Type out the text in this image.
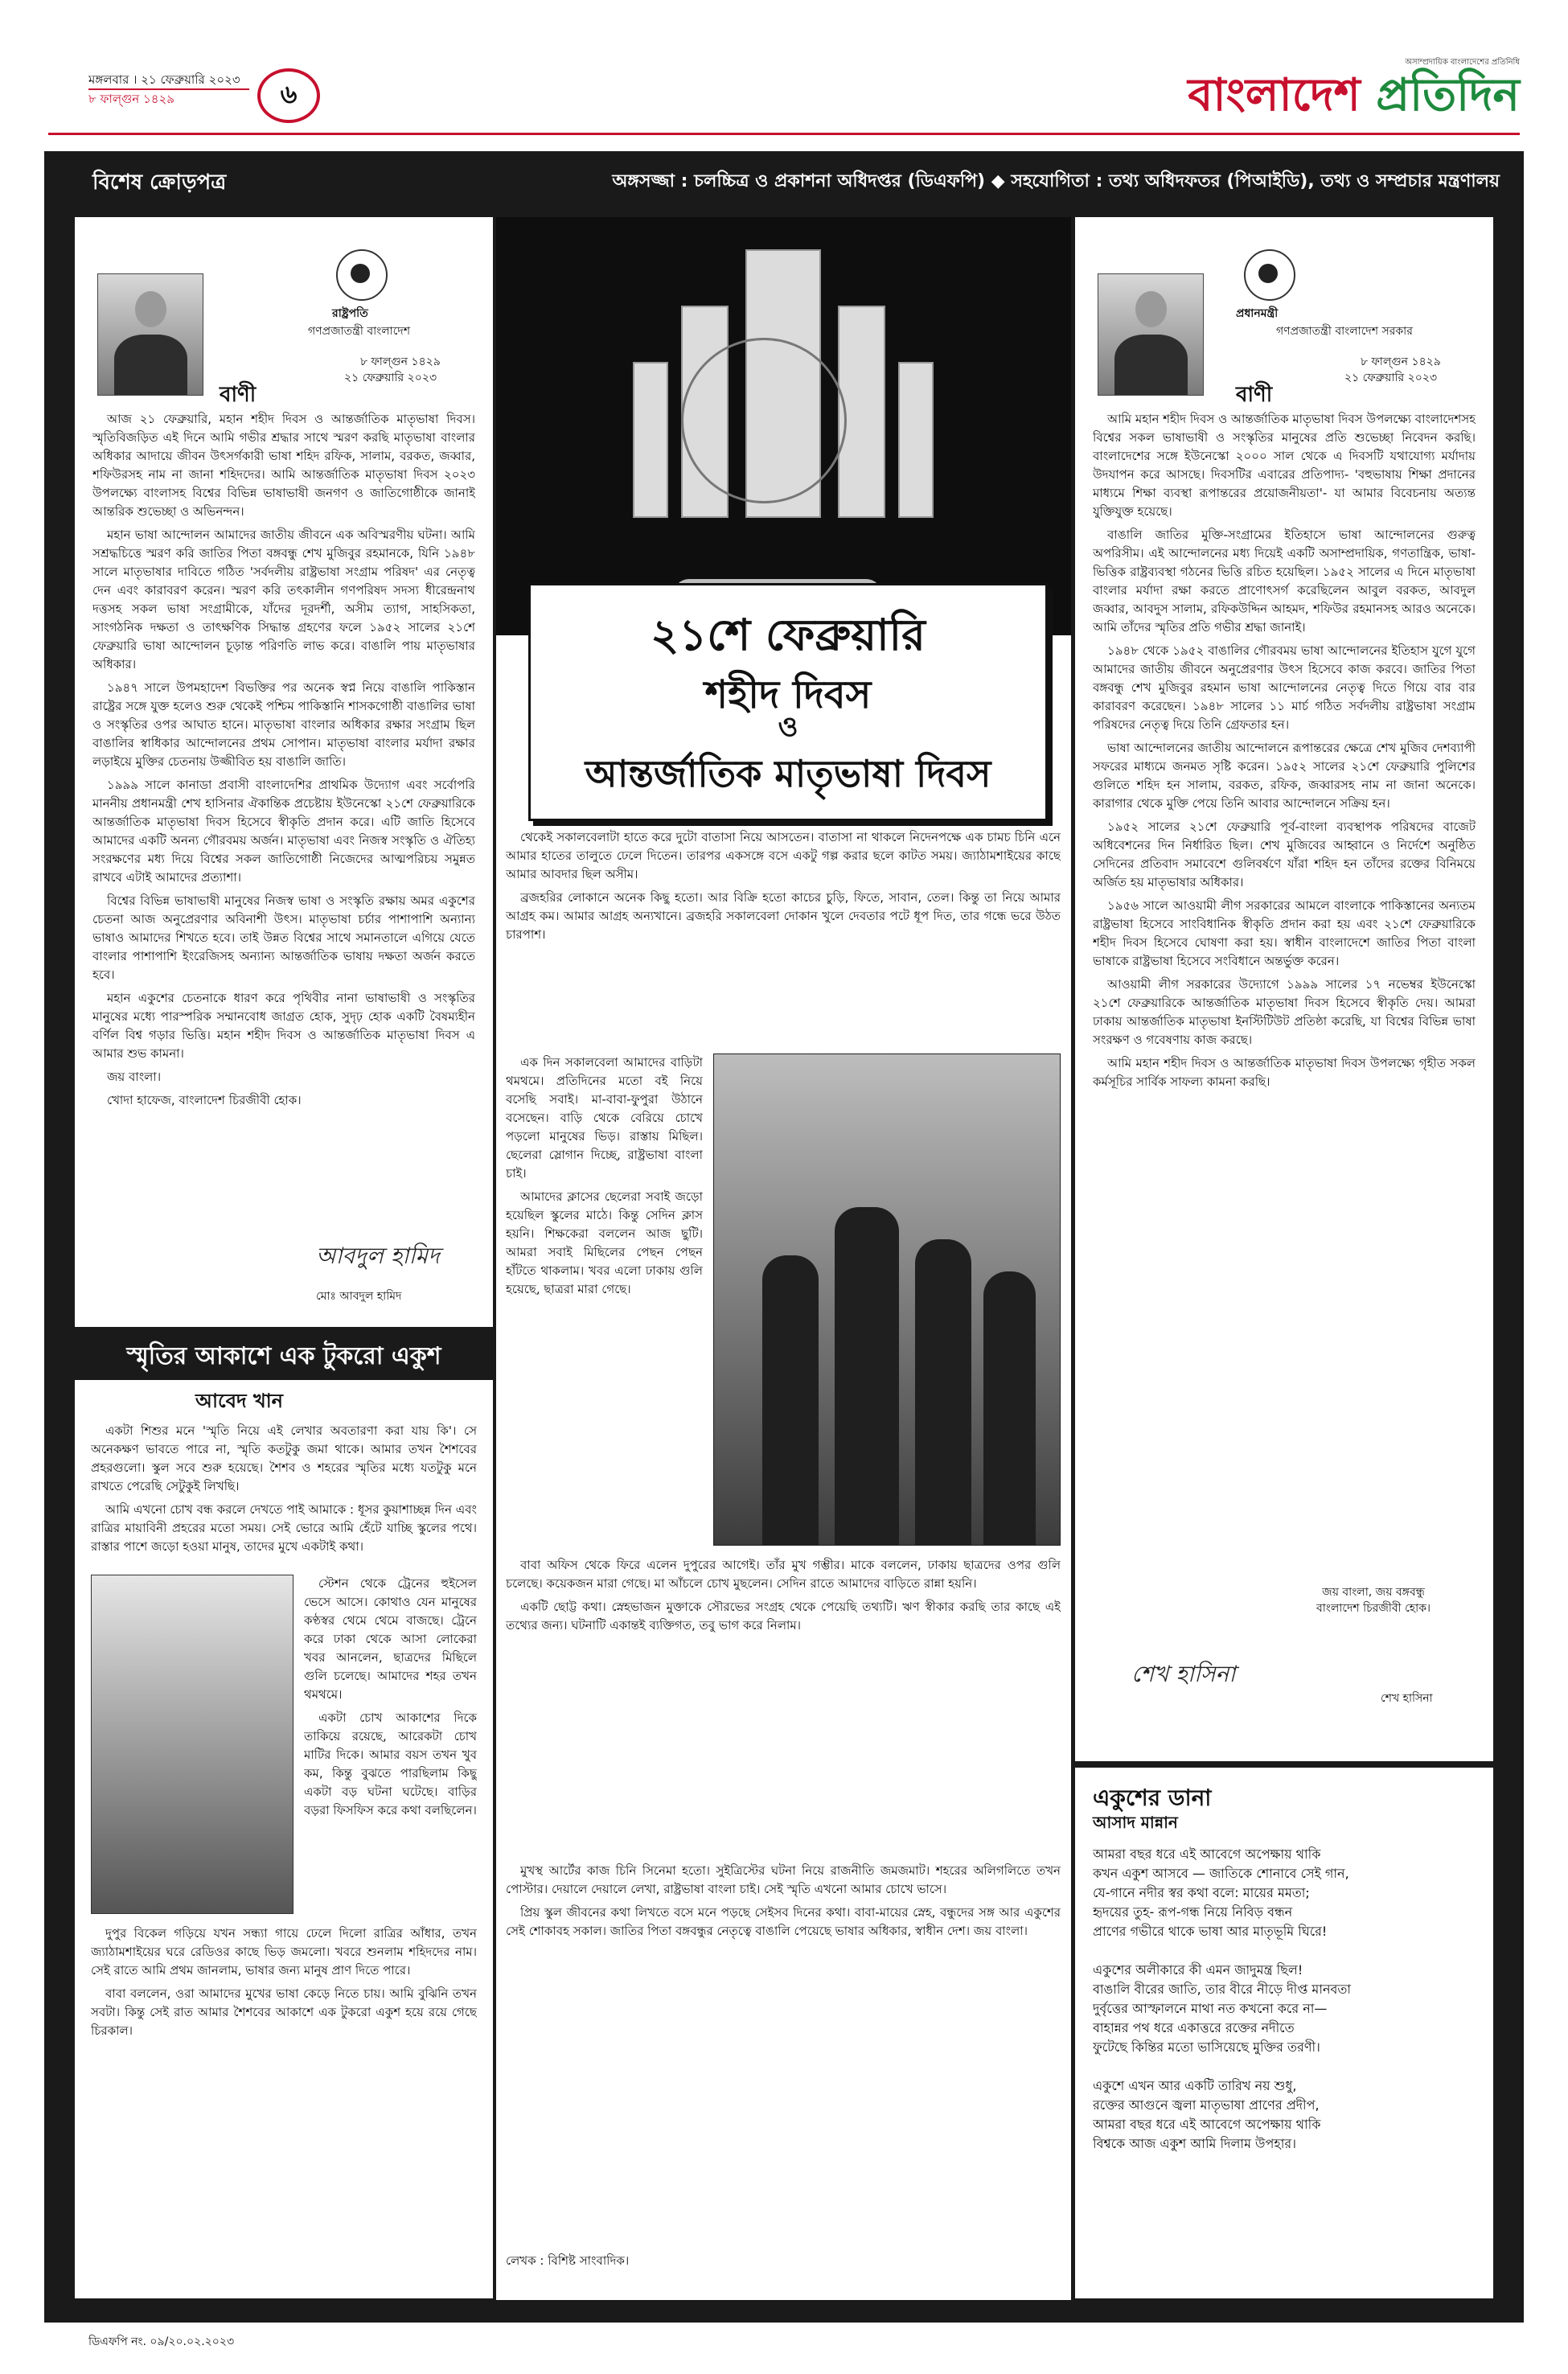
মঙ্গলবার । ২১ ফেব্রুয়ারি ২০২৩
৮ ফাল্গুন ১৪২৯	৬
অসাম্প্রদায়িক বাংলাদেশের প্রতিনিধি
বাংলাদেশ প্রতিদিন
বিশেষ ক্রোড়পত্র	অঙ্গসজ্জা : চলচ্চিত্র ও প্রকাশনা অধিদপ্তর (ডিএফপি) ◆ সহযোগিতা : তথ্য অধিদফতর (পিআইডি), তথ্য ও সম্প্রচার মন্ত্রণালয়
রাষ্ট্রপতি
গণপ্রজাতন্ত্রী বাংলাদেশ
৮ ফাল্গুন ১৪২৯
২১ ফেব্রুয়ারি ২০২৩
বাণী

আজ ২১ ফেব্রুয়ারি, মহান শহীদ দিবস ও আন্তর্জাতিক মাতৃভাষা দিবস। স্মৃতিবিজড়িত এই দিনে আমি গভীর শ্রদ্ধার সাথে স্মরণ করছি মাতৃভাষা বাংলার অধিকার আদায়ে জীবন উৎসর্গকারী ভাষা শহিদ রফিক, সালাম, বরকত, জব্বার, শফিউরসহ নাম না জানা শহিদদের। আমি আন্তর্জাতিক মাতৃভাষা দিবস ২০২৩ উপলক্ষ্যে বাংলাসহ বিশ্বের বিভিন্ন ভাষাভাষী জনগণ ও জাতিগোষ্ঠীকে জানাই আন্তরিক শুভেচ্ছা ও অভিনন্দন।

মহান ভাষা আন্দোলন আমাদের জাতীয় জীবনে এক অবিস্মরণীয় ঘটনা। আমি সশ্রদ্ধচিত্তে স্মরণ করি জাতির পিতা বঙ্গবন্ধু শেখ মুজিবুর রহমানকে, যিনি ১৯৪৮ সালে মাতৃভাষার দাবিতে গঠিত 'সর্বদলীয় রাষ্ট্রভাষা সংগ্রাম পরিষদ' এর নেতৃত্ব দেন এবং কারাবরণ করেন। স্মরণ করি তৎকালীন গণপরিষদ সদস্য ধীরেন্দ্রনাথ দত্তসহ সকল ভাষা সংগ্রামীকে, যাঁদের দূরদর্শী, অসীম ত্যাগ, সাহসিকতা, সাংগঠনিক দক্ষতা ও তাৎক্ষণিক সিদ্ধান্ত গ্রহণের ফলে ১৯৫২ সালের ২১শে ফেব্রুয়ারি ভাষা আন্দোলন চূড়ান্ত পরিণতি লাভ করে। বাঙালি পায় মাতৃভাষার অধিকার।

১৯৪৭ সালে উপমহাদেশ বিভক্তির পর অনেক স্বপ্ন নিয়ে বাঙালি পাকিস্তান রাষ্ট্রের সঙ্গে যুক্ত হলেও শুরু থেকেই পশ্চিম পাকিস্তানি শাসকগোষ্ঠী বাঙালির ভাষা ও সংস্কৃতির ওপর আঘাত হানে। মাতৃভাষা বাংলার অধিকার রক্ষার সংগ্রাম ছিল বাঙালির স্বাধিকার আন্দোলনের প্রথম সোপান। মাতৃভাষা বাংলার মর্যাদা রক্ষার লড়াইয়ে মুক্তির চেতনায় উজ্জীবিত হয় বাঙালি জাতি।

১৯৯৯ সালে কানাডা প্রবাসী বাংলাদেশির প্রাথমিক উদ্যোগ এবং সর্বোপরি মাননীয় প্রধানমন্ত্রী শেখ হাসিনার ঐকান্তিক প্রচেষ্টায় ইউনেস্কো ২১শে ফেব্রুয়ারিকে আন্তর্জাতিক মাতৃভাষা দিবস হিসেবে স্বীকৃতি প্রদান করে। এটি জাতি হিসেবে আমাদের একটি অনন্য গৌরবময় অর্জন। মাতৃভাষা এবং নিজস্ব সংস্কৃতি ও ঐতিহ্য সংরক্ষণের মধ্য দিয়ে বিশ্বের সকল জাতিগোষ্ঠী নিজেদের আত্মপরিচয় সমুন্নত রাখবে এটাই আমাদের প্রত্যাশা।

বিশ্বের বিভিন্ন ভাষাভাষী মানুষের নিজস্ব ভাষা ও সংস্কৃতি রক্ষায় অমর একুশের চেতনা আজ অনুপ্রেরণার অবিনাশী উৎস। মাতৃভাষা চর্চার পাশাপাশি অন্যান্য ভাষাও আমাদের শিখতে হবে। তাই উন্নত বিশ্বের সাথে সমানতালে এগিয়ে যেতে বাংলার পাশাপাশি ইংরেজিসহ অন্যান্য আন্তর্জাতিক ভাষায় দক্ষতা অর্জন করতে হবে।

মহান একুশের চেতনাকে ধারণ করে পৃথিবীর নানা ভাষাভাষী ও সংস্কৃতির মানুষের মধ্যে পারস্পরিক সম্মানবোধ জাগ্রত হোক, সুদৃঢ় হোক একটি বৈষম্যহীন বর্ণিল বিশ্ব গড়ার ভিত্তি। মহান শহীদ দিবস ও আন্তর্জাতিক মাতৃভাষা দিবস এ আমার শুভ কামনা।

জয় বাংলা।

খোদা হাফেজ, বাংলাদেশ চিরজীবী হোক।

আবদুল হামিদ
মোঃ আবদুল হামিদ
স্মৃতির আকাশে এক টুকরো একুশ
আবেদ খান

একটা শিশুর মনে 'স্মৃতি নিয়ে এই লেখার অবতারণা করা যায় কি'। সে অনেকক্ষণ ভাবতে পারে না, স্মৃতি কতটুকু জমা থাকে। আমার তখন শৈশবের প্রহরগুলো। স্কুল সবে শুরু হয়েছে। শৈশব ও শহরের স্মৃতির মধ্যে যতটুকু মনে রাখতে পেরেছি সেটুকুই লিখছি।

আমি এখনো চোখ বন্ধ করলে দেখতে পাই আমাকে : ধূসর কুয়াশাচ্ছন্ন দিন এবং রাত্রির মায়াবিনী প্রহরের মতো সময়। সেই ভোরে আমি হেঁটে যাচ্ছি স্কুলের পথে। রাস্তার পাশে জড়ো হওয়া মানুষ, তাদের মুখে একটাই কথা।

স্টেশন থেকে ট্রেনের হুইসেল ভেসে আসে। কোথাও যেন মানুষের কণ্ঠস্বর থেমে থেমে বাজছে। ট্রেনে করে ঢাকা থেকে আসা লোকেরা খবর আনলেন, ছাত্রদের মিছিলে গুলি চলেছে। আমাদের শহর তখন থমথমে।

একটা চোখ আকাশের দিকে তাকিয়ে রয়েছে, আরেকটা চোখ মাটির দিকে। আমার বয়স তখন খুব কম, কিন্তু বুঝতে পারছিলাম কিছু একটা বড় ঘটনা ঘটেছে। বাড়ির বড়রা ফিসফিস করে কথা বলছিলেন।

দুপুর বিকেল গড়িয়ে যখন সন্ধ্যা গায়ে ঢেলে দিলো রাত্রির আঁধার, তখন জ্যাঠামশাইয়ের ঘরে রেডিওর কাছে ভিড় জমলো। খবরে শুনলাম শহিদদের নাম। সেই রাতে আমি প্রথম জানলাম, ভাষার জন্য মানুষ প্রাণ দিতে পারে।

বাবা বললেন, ওরা আমাদের মুখের ভাষা কেড়ে নিতে চায়। আমি বুঝিনি তখন সবটা। কিন্তু সেই রাত আমার শৈশবের আকাশে এক টুকরো একুশ হয়ে রয়ে গেছে চিরকাল।

২১শে ফেব্রুয়ারি
শহীদ দিবস
ও
আন্তর্জাতিক মাতৃভাষা দিবস

থেকেই সকালবেলাটা হাতে করে দুটো বাতাসা নিয়ে আসতেন। বাতাসা না থাকলে নিদেনপক্ষে এক চামচ চিনি এনে আমার হাতের তালুতে ঢেলে দিতেন। তারপর একসঙ্গে বসে একটু গল্প করার ছলে কাটত সময়। জ্যাঠামশাইয়ের কাছে আমার আবদার ছিল অসীম।

ব্রজহরির লোকানে অনেক কিছু হতো। আর বিক্রি হতো কাচের চুড়ি, ফিতে, সাবান, তেল। কিন্তু তা নিয়ে আমার আগ্রহ কম। আমার আগ্রহ অন্যখানে। ব্রজহরি সকালবেলা দোকান খুলে দেবতার পটে ধূপ দিত, তার গন্ধে ভরে উঠত চারপাশ।

এক দিন সকালবেলা আমাদের বাড়িটা থমথমে। প্রতিদিনের মতো বই নিয়ে বসেছি সবাই। মা-বাবা-ফুপুরা উঠানে বসেছেন। বাড়ি থেকে বেরিয়ে চোখে পড়লো মানুষের ভিড়। রাস্তায় মিছিল। ছেলেরা স্লোগান দিচ্ছে, রাষ্ট্রভাষা বাংলা চাই।

আমাদের ক্লাসের ছেলেরা সবাই জড়ো হয়েছিল স্কুলের মাঠে। কিন্তু সেদিন ক্লাস হয়নি। শিক্ষকেরা বললেন আজ ছুটি। আমরা সবাই মিছিলের পেছন পেছন হাঁটতে থাকলাম। খবর এলো ঢাকায় গুলি হয়েছে, ছাত্ররা মারা গেছে।

বাবা অফিস থেকে ফিরে এলেন দুপুরের আগেই। তাঁর মুখ গম্ভীর। মাকে বললেন, ঢাকায় ছাত্রদের ওপর গুলি চলেছে। কয়েকজন মারা গেছে। মা আঁচলে চোখ মুছলেন। সেদিন রাতে আমাদের বাড়িতে রান্না হয়নি।

একটি ছোট্ট কথা। স্নেহভাজন মুক্তাকে সৌরভের সংগ্রহ থেকে পেয়েছি তথ্যটি। ঋণ স্বীকার করছি তার কাছে এই তথ্যের জন্য। ঘটনাটি একান্তই ব্যক্তিগত, তবু ভাগ করে নিলাম।

মুখস্থ আর্টের কাজ চিনি সিনেমা হতো। সুইত্রিস্টের ঘটনা নিয়ে রাজনীতি জমজমাট। শহরের অলিগলিতে তখন পোস্টার। দেয়ালে দেয়ালে লেখা, রাষ্ট্রভাষা বাংলা চাই। সেই স্মৃতি এখনো আমার চোখে ভাসে।

প্রিয় স্কুল জীবনের কথা লিখতে বসে মনে পড়ছে সেইসব দিনের কথা। বাবা-মায়ের স্নেহ, বন্ধুদের সঙ্গ আর একুশের সেই শোকাবহ সকাল। জাতির পিতা বঙ্গবন্ধুর নেতৃত্বে বাঙালি পেয়েছে ভাষার অধিকার, স্বাধীন দেশ। জয় বাংলা।

লেখক : বিশিষ্ট সাংবাদিক।
প্রধানমন্ত্রী
গণপ্রজাতন্ত্রী বাংলাদেশ সরকার
৮ ফাল্গুন ১৪২৯
২১ ফেব্রুয়ারি ২০২৩
বাণী

আমি মহান শহীদ দিবস ও আন্তর্জাতিক মাতৃভাষা দিবস উপলক্ষ্যে বাংলাদেশসহ বিশ্বের সকল ভাষাভাষী ও সংস্কৃতির মানুষের প্রতি শুভেচ্ছা নিবেদন করছি। বাংলাদেশের সঙ্গে ইউনেস্কো ২০০০ সাল থেকে এ দিবসটি যথাযোগ্য মর্যাদায় উদযাপন করে আসছে। দিবসটির এবারের প্রতিপাদ্য- 'বহুভাষায় শিক্ষা প্রদানের মাধ্যমে শিক্ষা ব্যবস্থা রূপান্তরের প্রয়োজনীয়তা'- যা আমার বিবেচনায় অত্যন্ত যুক্তিযুক্ত হয়েছে।

বাঙালি জাতির মুক্তি-সংগ্রামের ইতিহাসে ভাষা আন্দোলনের গুরুত্ব অপরিসীম। এই আন্দোলনের মধ্য দিয়েই একটি অসাম্প্রদায়িক, গণতান্ত্রিক, ভাষা-ভিত্তিক রাষ্ট্রব্যবস্থা গঠনের ভিত্তি রচিত হয়েছিল। ১৯৫২ সালের এ দিনে মাতৃভাষা বাংলার মর্যাদা রক্ষা করতে প্রাণোৎসর্গ করেছিলেন আবুল বরকত, আবদুল জব্বার, আবদুস সালাম, রফিকউদ্দিন আহমদ, শফিউর রহমানসহ আরও অনেকে। আমি তাঁদের স্মৃতির প্রতি গভীর শ্রদ্ধা জানাই।

১৯৪৮ থেকে ১৯৫২ বাঙালির গৌরবময় ভাষা আন্দোলনের ইতিহাস যুগে যুগে আমাদের জাতীয় জীবনে অনুপ্রেরণার উৎস হিসেবে কাজ করবে। জাতির পিতা বঙ্গবন্ধু শেখ মুজিবুর রহমান ভাষা আন্দোলনের নেতৃত্ব দিতে গিয়ে বার বার কারাবরণ করেছেন। ১৯৪৮ সালের ১১ মার্চ গঠিত সর্বদলীয় রাষ্ট্রভাষা সংগ্রাম পরিষদের নেতৃত্ব দিয়ে তিনি গ্রেফতার হন।

ভাষা আন্দোলনের জাতীয় আন্দোলনে রূপান্তরের ক্ষেত্রে শেখ মুজিব দেশব্যাপী সফরের মাধ্যমে জনমত সৃষ্টি করেন। ১৯৫২ সালের ২১শে ফেব্রুয়ারি পুলিশের গুলিতে শহিদ হন সালাম, বরকত, রফিক, জব্বারসহ নাম না জানা অনেকে। কারাগার থেকে মুক্তি পেয়ে তিনি আবার আন্দোলনে সক্রিয় হন।

১৯৫২ সালের ২১শে ফেব্রুয়ারি পূর্ব-বাংলা ব্যবস্থাপক পরিষদের বাজেট অধিবেশনের দিন নির্ধারিত ছিল। শেখ মুজিবের আহ্বানে ও নির্দেশে অনুষ্ঠিত সেদিনের প্রতিবাদ সমাবেশে গুলিবর্ষণে যাঁরা শহিদ হন তাঁদের রক্তের বিনিময়ে অর্জিত হয় মাতৃভাষার অধিকার।

১৯৫৬ সালে আওয়ামী লীগ সরকারের আমলে বাংলাকে পাকিস্তানের অন্যতম রাষ্ট্রভাষা হিসেবে সাংবিধানিক স্বীকৃতি প্রদান করা হয় এবং ২১শে ফেব্রুয়ারিকে শহীদ দিবস হিসেবে ঘোষণা করা হয়। স্বাধীন বাংলাদেশে জাতির পিতা বাংলা ভাষাকে রাষ্ট্রভাষা হিসেবে সংবিধানে অন্তর্ভুক্ত করেন।

আওয়ামী লীগ সরকারের উদ্যোগে ১৯৯৯ সালের ১৭ নভেম্বর ইউনেস্কো ২১শে ফেব্রুয়ারিকে আন্তর্জাতিক মাতৃভাষা দিবস হিসেবে স্বীকৃতি দেয়। আমরা ঢাকায় আন্তর্জাতিক মাতৃভাষা ইনস্টিটিউট প্রতিষ্ঠা করেছি, যা বিশ্বের বিভিন্ন ভাষা সংরক্ষণ ও গবেষণায় কাজ করছে।

আমি মহান শহীদ দিবস ও আন্তর্জাতিক মাতৃভাষা দিবস উপলক্ষ্যে গৃহীত সকল কর্মসূচির সার্বিক সাফল্য কামনা করছি।

জয় বাংলা, জয় বঙ্গবন্ধু
বাংলাদেশ চিরজীবী হোক।
শেখ হাসিনা
শেখ হাসিনা
একুশের ডানা
আসাদ মান্নান
আমরা বছর ধরে এই আবেগে অপেক্ষায় থাকি
কখন একুশ আসবে — জাতিকে শোনাবে সেই গান,
যে-গানে নদীর স্বর কথা বলে: মায়ের মমতা;
হৃদয়ের তুহ- রূপ-গন্ধ নিয়ে নিবিড় বন্ধন
প্রাণের গভীরে থাকে ভাষা আর মাতৃভূমি ঘিরে!

একুশের অলীকারে কী এমন জাদুমন্ত্র ছিল!
বাঙালি বীরের জাতি, তার বীরে নীড়ে দীপ্ত মানবতা
দুর্বৃত্তের আস্ফালনে মাথা নত কখনো করে না—
বাহান্নর পথ ধরে একাত্তরে রক্তের নদীতে
ফুটেছে কিন্তির মতো ভাসিয়েছে মুক্তির তরণী।

একুশে এখন আর একটি তারিখ নয় শুধু,
রক্তের আগুনে জ্বলা মাতৃভাষা প্রাণের প্রদীপ,
আমরা বছর ধরে এই আবেগে অপেক্ষায় থাকি
বিশ্বকে আজ একুশ আমি দিলাম উপহার।
ডিএফপি নং. ০৯/২০.০২.২০২৩
